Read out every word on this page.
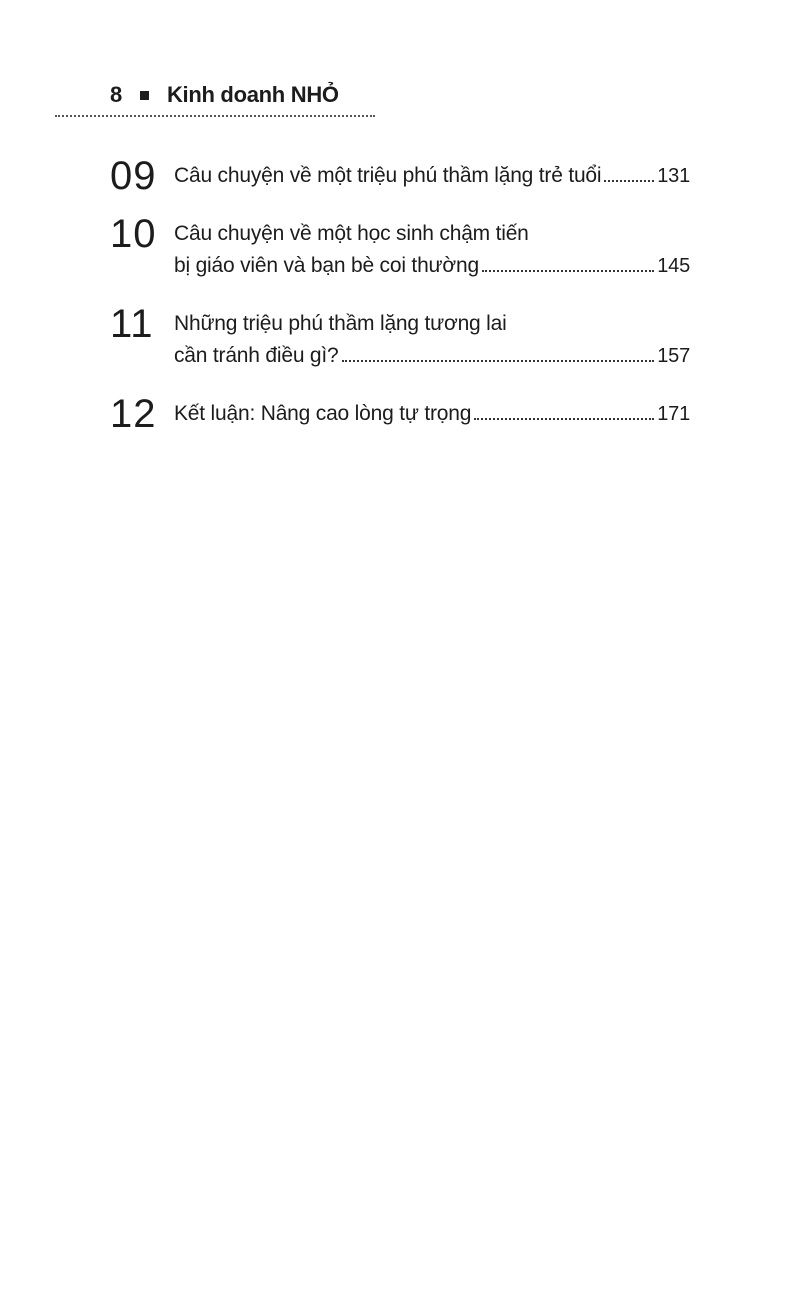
8 Kinh doanh NHỎ
09 Câu chuyện về một triệu phú thầm lặng trẻ tuổi	131
10 Câu chuyện về một học sinh chậm tiến
bị giáo viên và bạn bè coi thường	145
11 Những triệu phú thầm lặng tương lai
cần tránh điều gì?	157
12 Kết luận: Nâng cao lòng tự trọng	171
